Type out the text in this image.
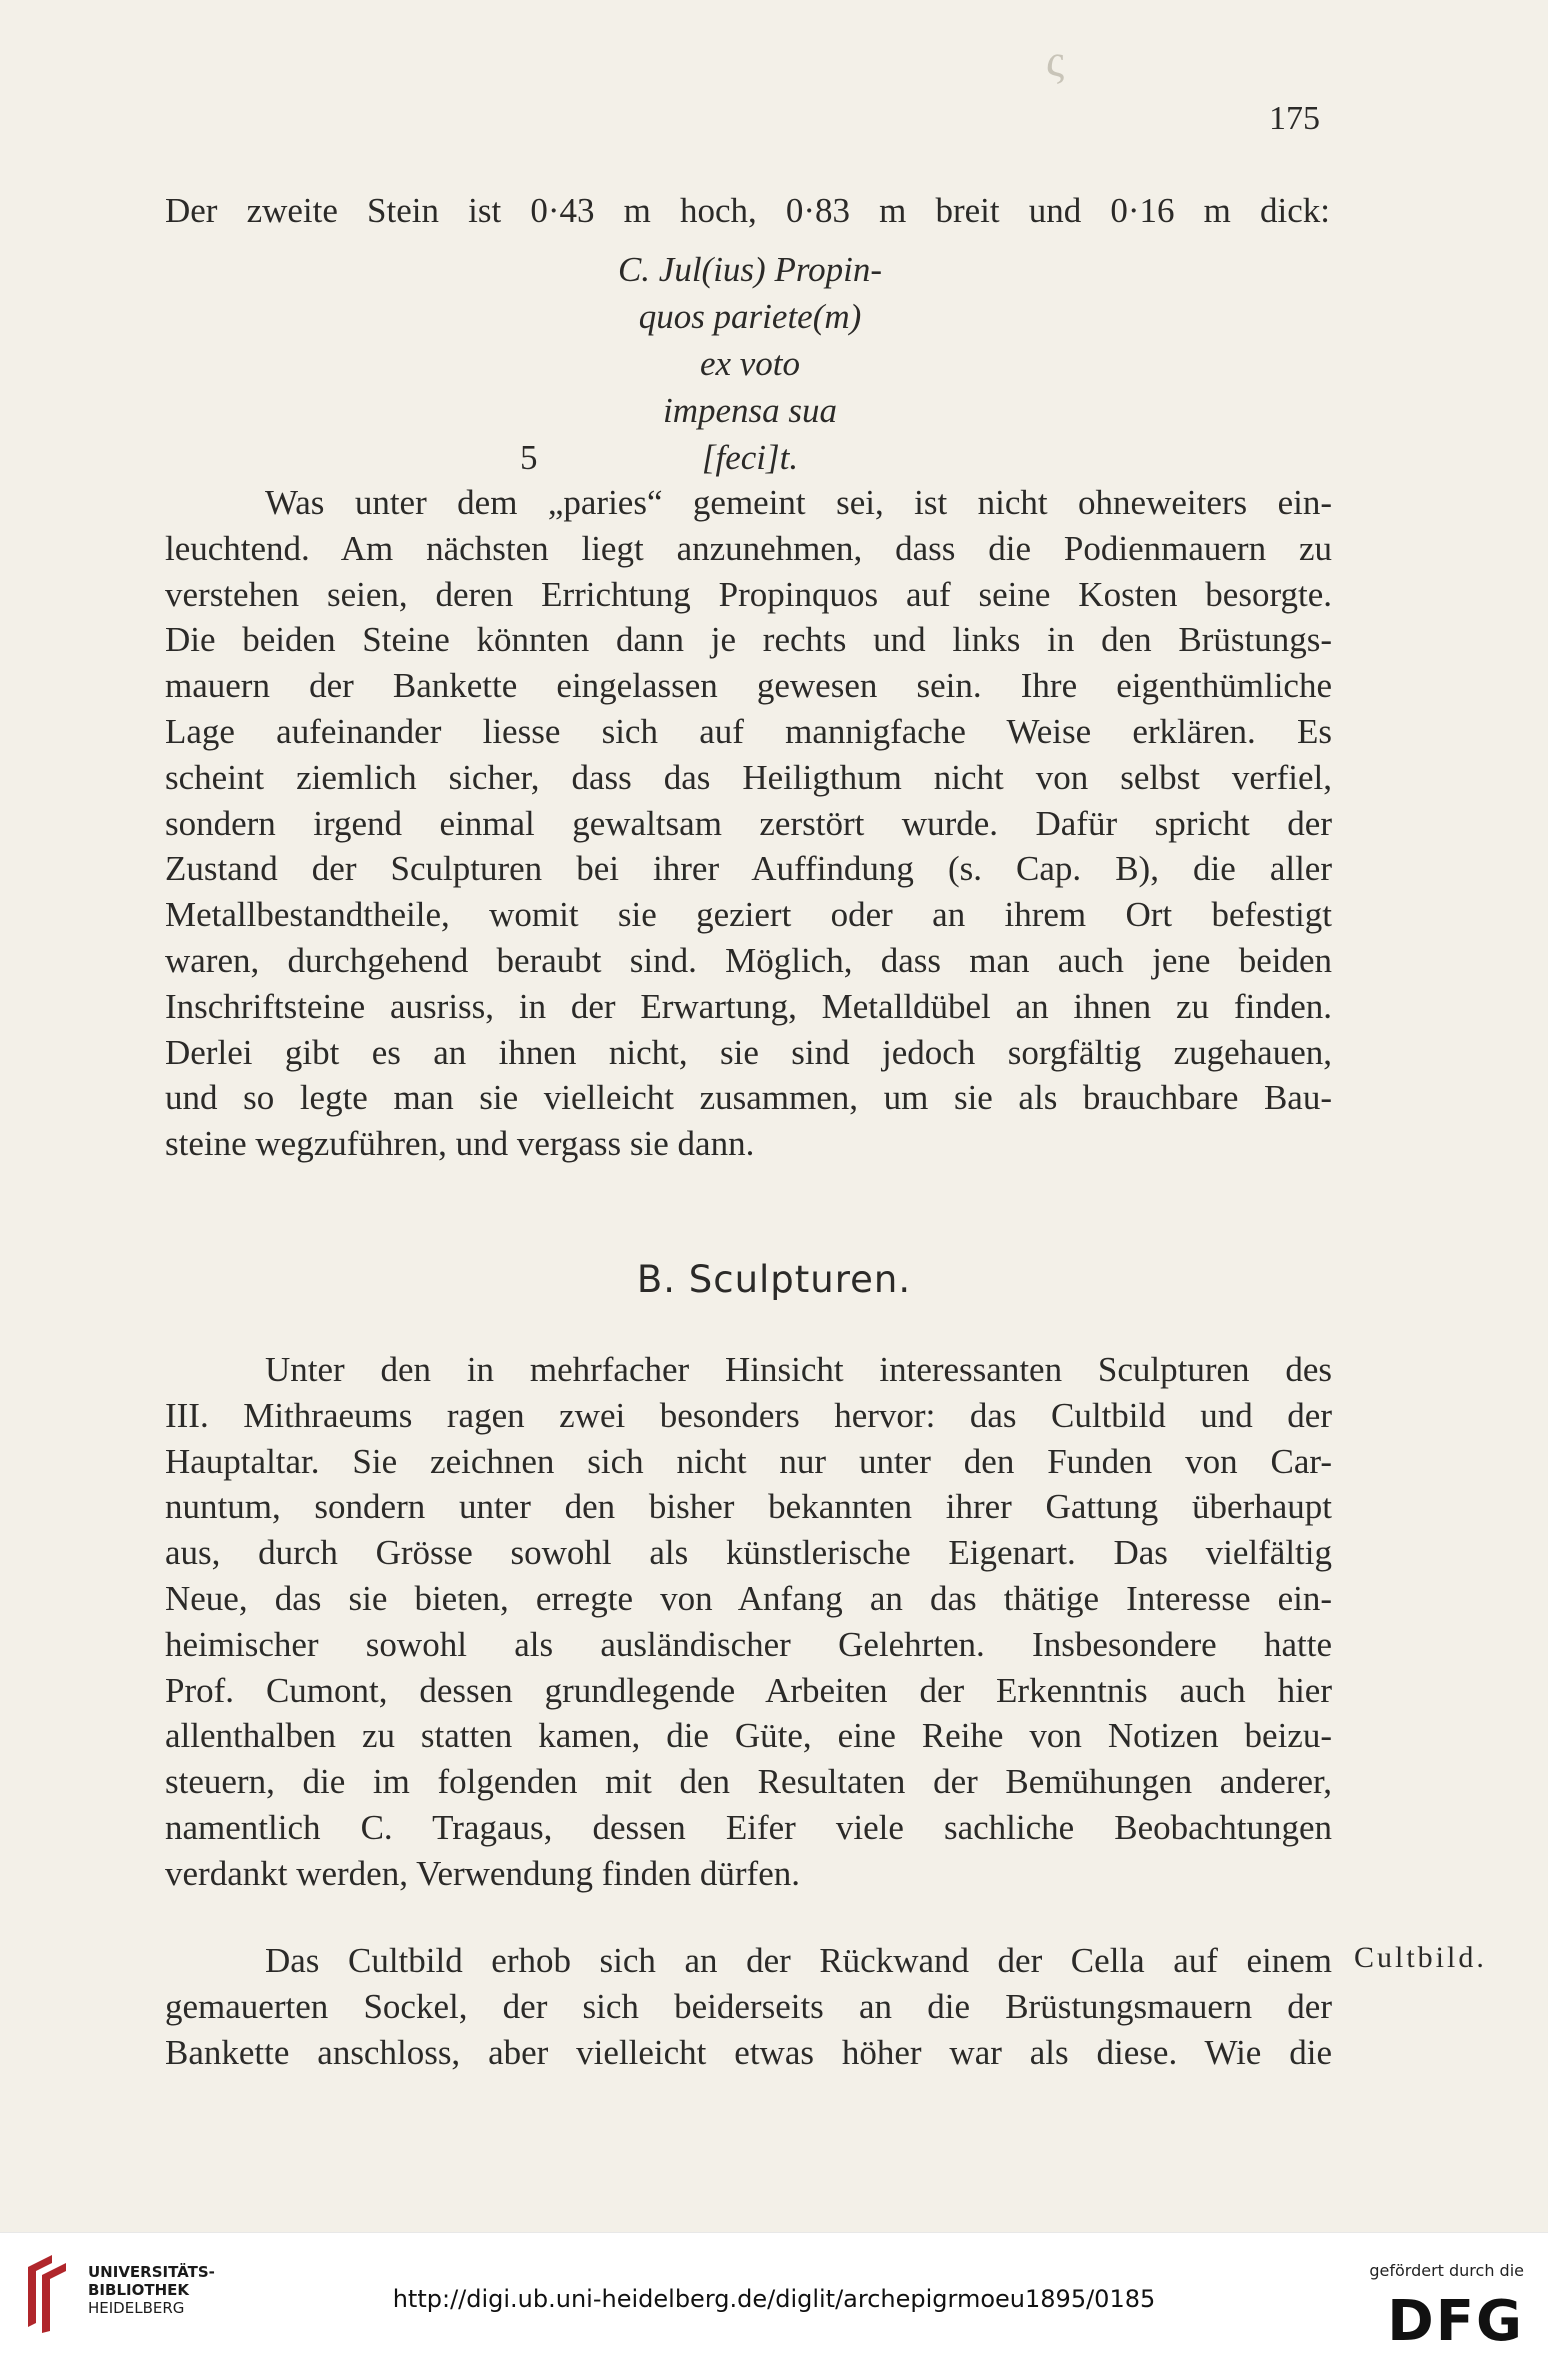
ς
175
Der zweite Stein ist 0·43 m hoch, 0·83 m breit und 0·16 m dick:
C. Jul(ius) Propin-
quos pariete(m)
ex voto
impensa sua
5	[feci]t.
Was unter dem „paries“ gemeint sei, ist nicht ohneweiters ein-
leuchtend. Am nächsten liegt anzunehmen, dass die Podienmauern zu
verstehen seien, deren Errichtung Propinquos auf seine Kosten besorgte.
Die beiden Steine könnten dann je rechts und links in den Brüstungs-
mauern der Bankette eingelassen gewesen sein. Ihre eigenthümliche
Lage aufeinander liesse sich auf mannigfache Weise erklären. Es
scheint ziemlich sicher, dass das Heiligthum nicht von selbst verfiel,
sondern irgend einmal gewaltsam zerstört wurde. Dafür spricht der
Zustand der Sculpturen bei ihrer Auffindung (s. Cap. B), die aller
Metallbestandtheile, womit sie geziert oder an ihrem Ort befestigt
waren, durchgehend beraubt sind. Möglich, dass man auch jene beiden
Inschriftsteine ausriss, in der Erwartung, Metalldübel an ihnen zu finden.
Derlei gibt es an ihnen nicht, sie sind jedoch sorgfältig zugehauen,
und so legte man sie vielleicht zusammen, um sie als brauchbare Bau-
steine wegzuführen, und vergass sie dann.
B. Sculpturen.
Unter den in mehrfacher Hinsicht interessanten Sculpturen des
III. Mithraeums ragen zwei besonders hervor: das Cultbild und der
Hauptaltar. Sie zeichnen sich nicht nur unter den Funden von Car-
nuntum, sondern unter den bisher bekannten ihrer Gattung überhaupt
aus, durch Grösse sowohl als künstlerische Eigenart. Das vielfältig
Neue, das sie bieten, erregte von Anfang an das thätige Interesse ein-
heimischer sowohl als ausländischer Gelehrten. Insbesondere hatte
Prof. Cumont, dessen grundlegende Arbeiten der Erkenntnis auch hier
allenthalben zu statten kamen, die Güte, eine Reihe von Notizen beizu-
steuern, die im folgenden mit den Resultaten der Bemühungen anderer,
namentlich C. Tragaus, dessen Eifer viele sachliche Beobachtungen
verdankt werden, Verwendung finden dürfen.
Das Cultbild erhob sich an der Rückwand der Cella auf einem
gemauerten Sockel, der sich beiderseits an die Brüstungsmauern der
Bankette anschloss, aber vielleicht etwas höher war als diese. Wie die
Cultbild.
UNIVERSITÄTS-
BIBLIOTHEK
HEIDELBERG	http://digi.ub.uni-heidelberg.de/diglit/archepigrmoeu1895/0185
gefördert durch die
DFG
